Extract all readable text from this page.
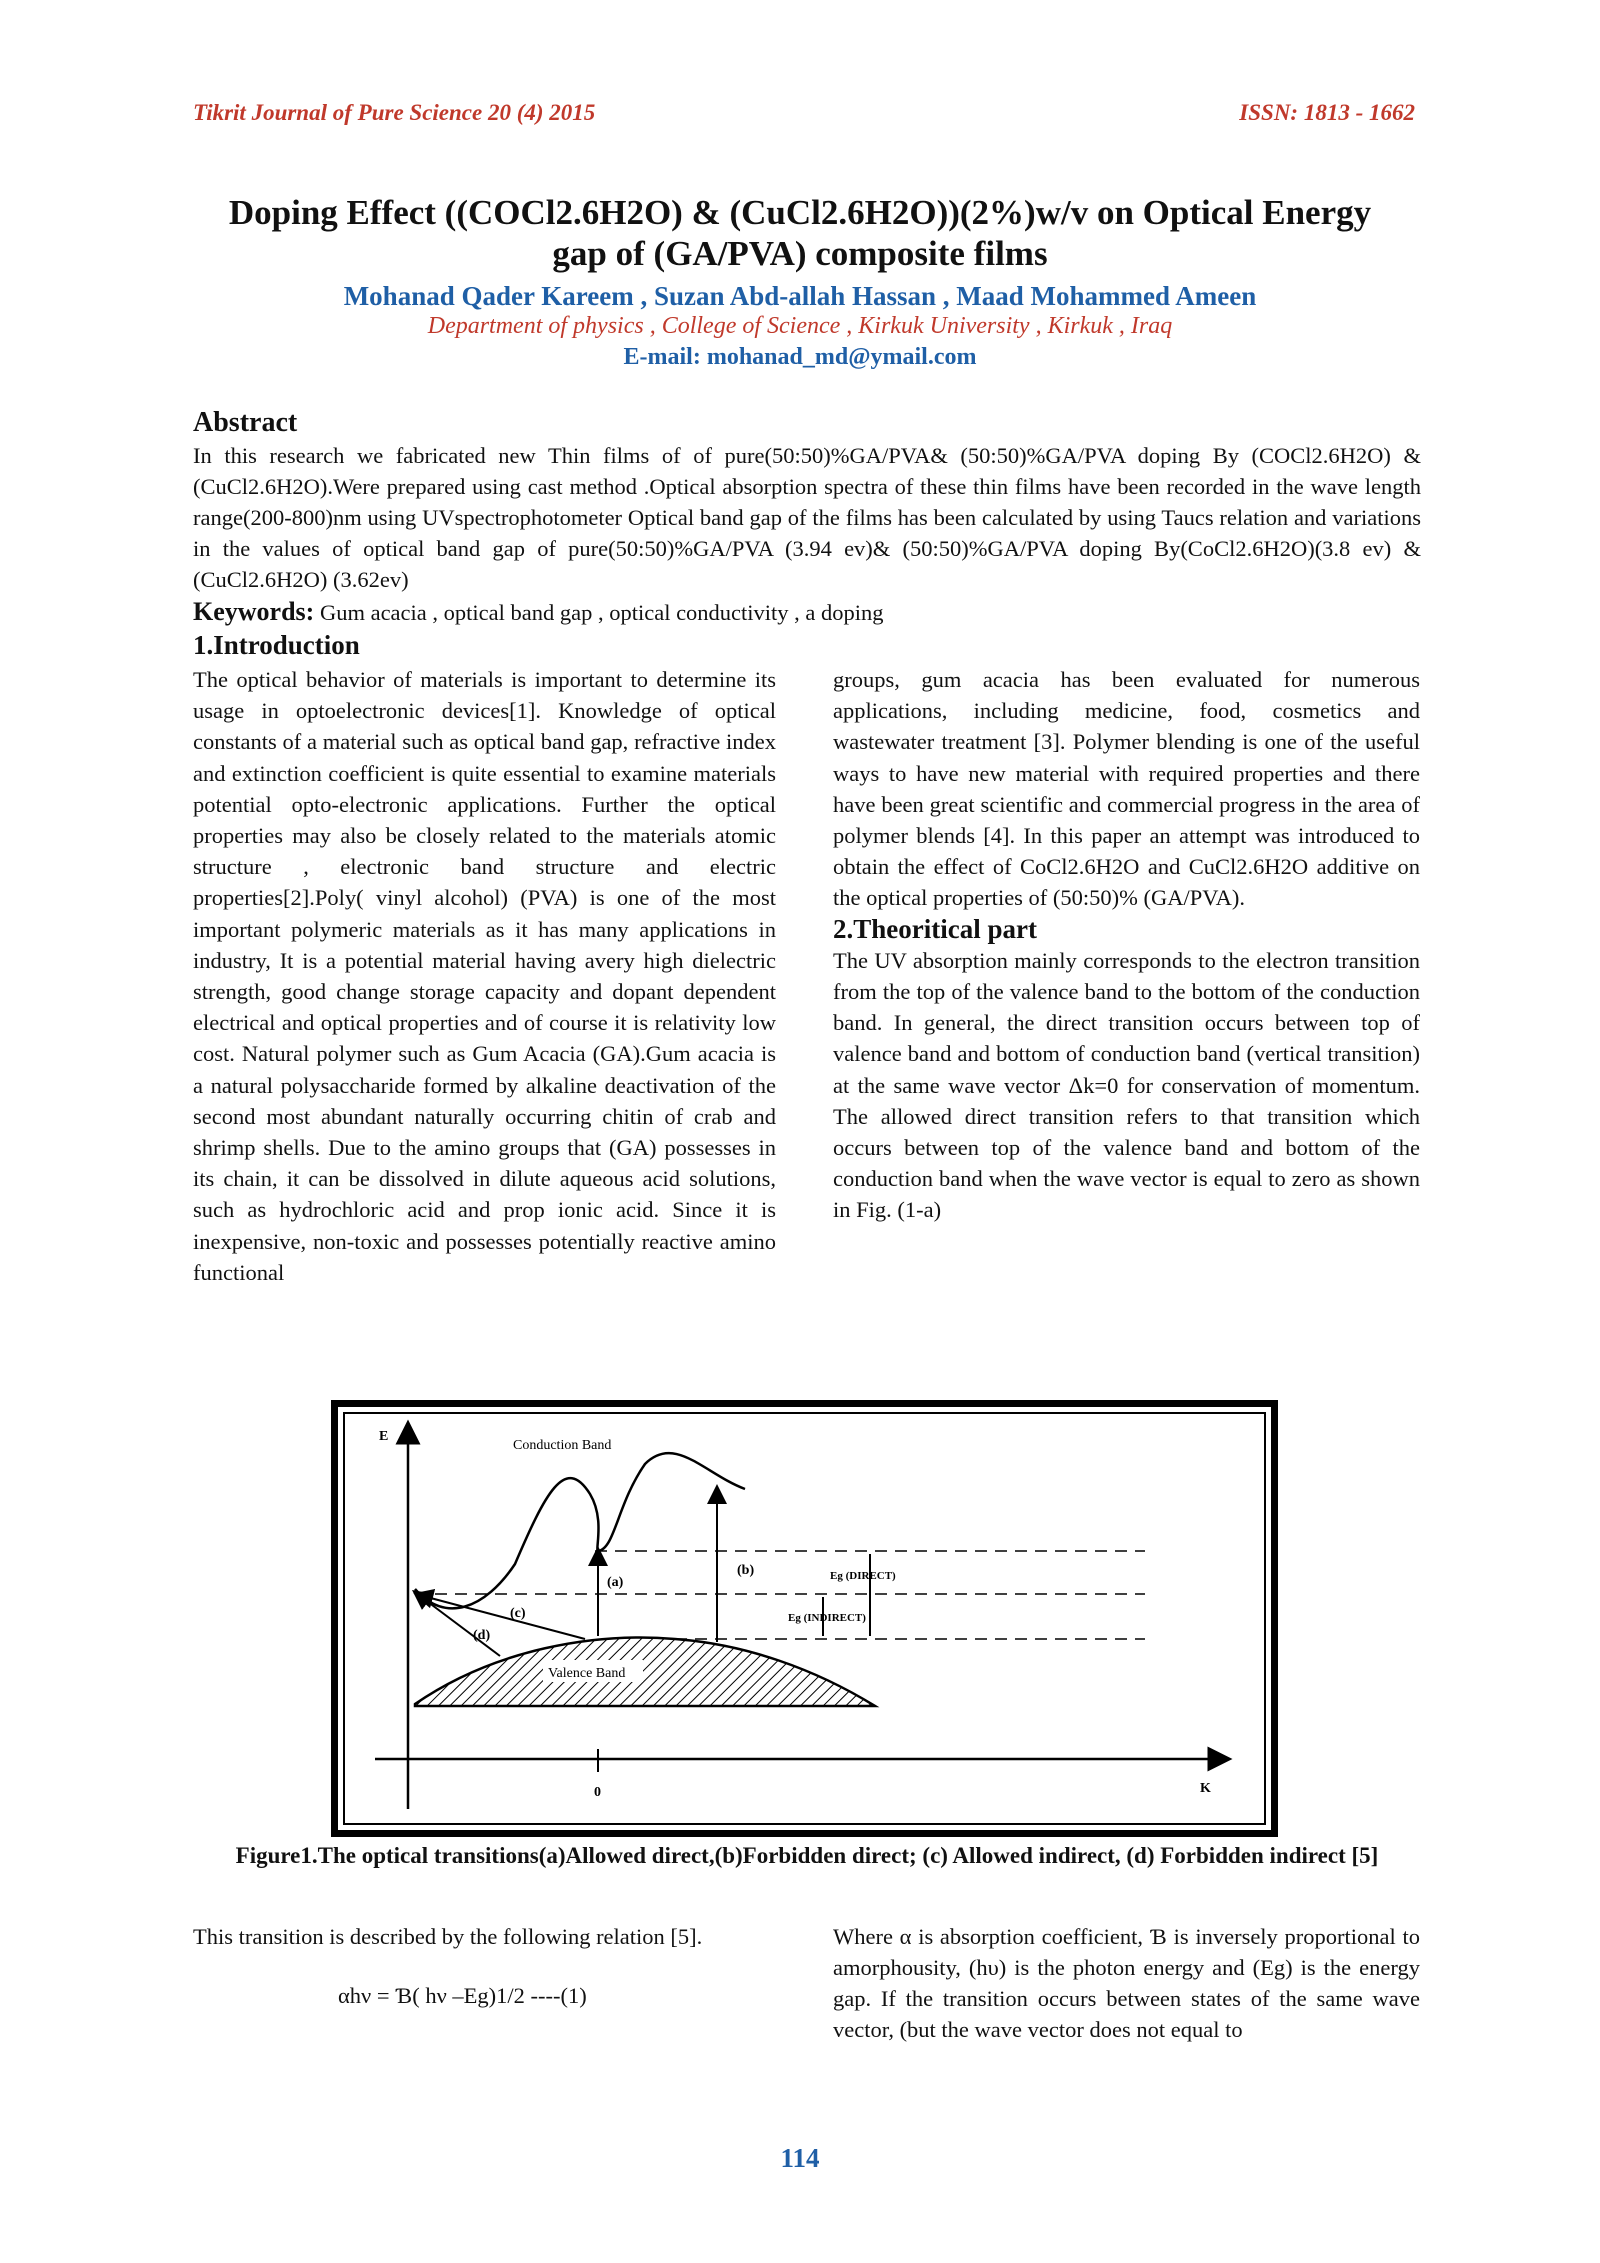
Tikrit Journal of Pure Science 20 (4) 2015	ISSN: 1813 - 1662
Doping Effect ((COCl2.6H2O) & (CuCl2.6H2O))(2%)w/v on Optical Energy
gap of (GA/PVA) composite films
Mohanad Qader Kareem , Suzan Abd-allah Hassan , Maad Mohammed Ameen
Department of physics , College of Science , Kirkuk University , Kirkuk , Iraq
E-mail: mohanad_md@ymail.com
Abstract
In this research we fabricated new Thin films of of pure(50:50)%GA/PVA& (50:50)%GA/PVA doping By (COCl2.6H2O) & (CuCl2.6H2O).Were prepared using cast method .Optical absorption spectra of these thin films have been recorded in the wave length range(200-800)nm using UVspectrophotometer Optical band gap of the films has been calculated by using Taucs relation and variations in the values of optical band gap of pure(50:50)%GA/PVA (3.94 ev)& (50:50)%GA/PVA doping By(CoCl2.6H2O)(3.8 ev) &(CuCl2.6H2O) (3.62ev)
Keywords: Gum acacia , optical band gap , optical conductivity , a doping
1.Introduction
The optical behavior of materials is important to determine its usage in optoelectronic devices[1]. Knowledge of optical constants of a material such as optical band gap, refractive index and extinction coefficient is quite essential to examine materials potential opto-electronic applications. Further the optical properties may also be closely related to the materials atomic structure , electronic band structure and electric properties[2].Poly( vinyl alcohol) (PVA) is one of the most important polymeric materials as it has many applications in industry, It is a potential material having avery high dielectric strength, good change storage capacity and dopant dependent electrical and optical properties and of course it is relativity low cost. Natural polymer such as Gum Acacia (GA).Gum acacia is a natural polysaccharide formed by alkaline deactivation of the second most abundant naturally occurring chitin of crab and shrimp shells. Due to the amino groups that (GA) possesses in its chain, it can be dissolved in dilute aqueous acid solutions, such as hydrochloric acid and prop ionic acid. Since it is inexpensive, non-toxic and possesses potentially reactive amino functional
groups, gum acacia has been evaluated for numerous applications, including medicine, food, cosmetics and wastewater treatment [3]. Polymer blending is one of the useful ways to have new material with required properties and there have been great scientific and commercial progress in the area of polymer blends [4]. In this paper an attempt was introduced to obtain the effect of CoCl2.6H2O and CuCl2.6H2O additive on the optical properties of (50:50)% (GA/PVA).
2.Theoritical part
The UV absorption mainly corresponds to the electron transition from the top of the valence band to the bottom of the conduction band. In general, the direct transition occurs between top of valence band and bottom of conduction band (vertical transition) at the same wave vector Δk=0 for conservation of momentum. The allowed direct transition refers to that transition which occurs between top of the valence band and bottom of the conduction band when the wave vector is equal to zero as shown in Fig. (1-a)
E
K
0
Conduction Band
Valence Band
(a)
(b)
(c)
(d)
Eg (DIRECT)
Eg (INDIRECT)
Figure1.The optical transitions(a)Allowed direct,(b)Forbidden direct; (c) Allowed indirect, (d) Forbidden indirect [5]
This transition is described by the following relation [5].
αhν = Ɓ( hν –Eg)1/2 ----(1)
Where α is absorption coefficient, Ɓ is inversely proportional to amorphousity, (hυ) is the photon energy and (Eg) is the energy gap. If the transition occurs between states of the same wave vector, (but the wave vector does not equal to
114
